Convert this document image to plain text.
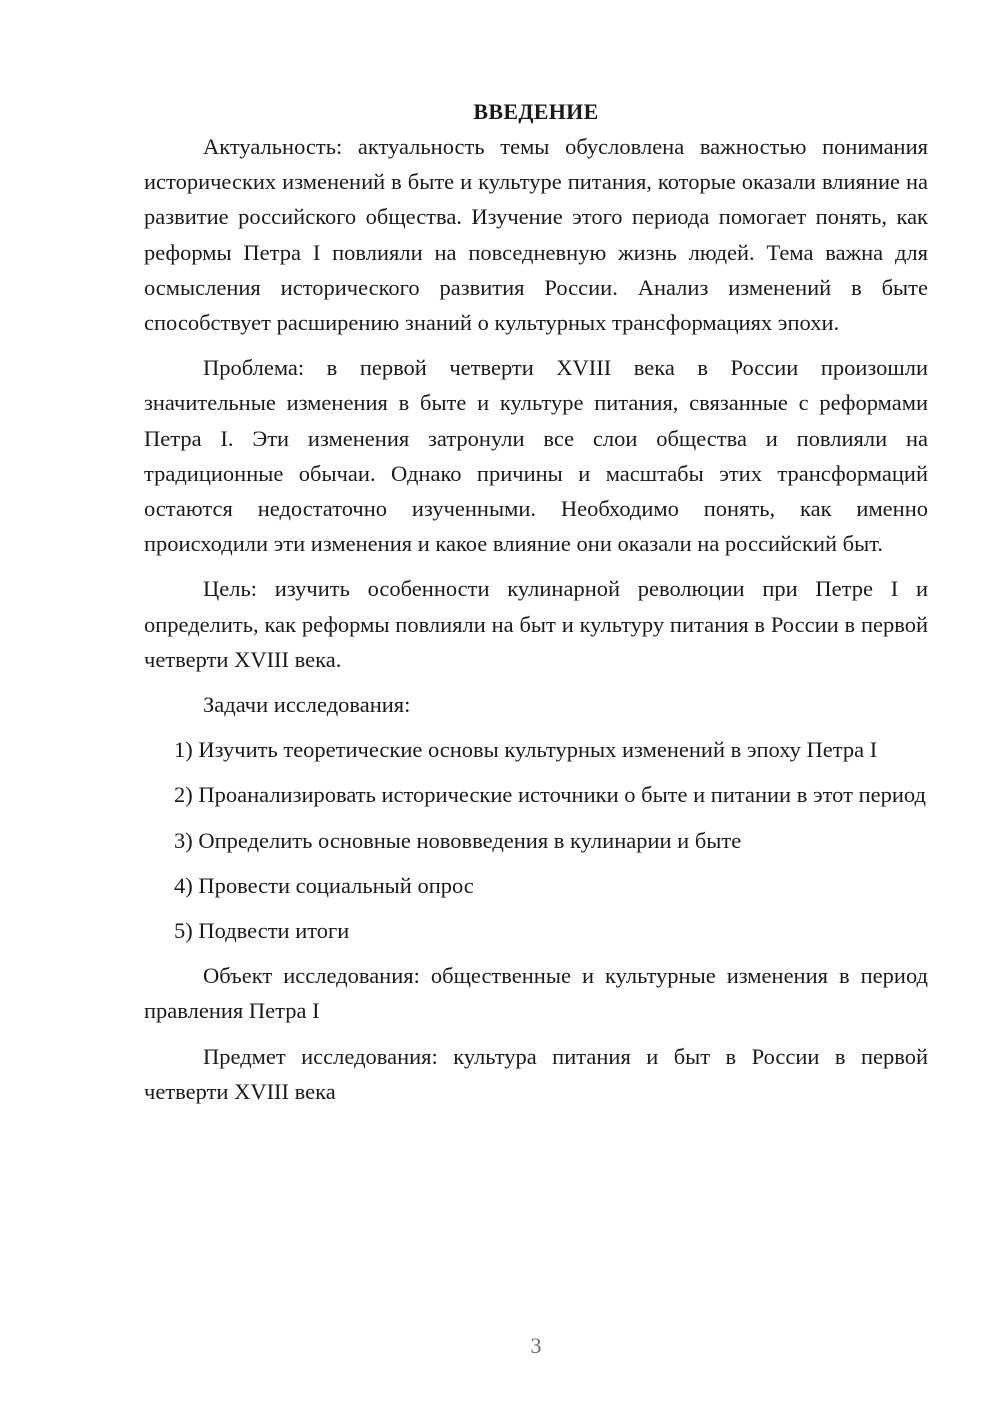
ВВЕДЕНИЕ

Актуальность: актуальность темы обусловлена важностью понимания исторических изменений в быте и культуре питания, которые оказали влияние на развитие российского общества. Изучение этого периода помогает понять, как реформы Петра I повлияли на повседневную жизнь людей. Тема важна для осмысления исторического развития России. Анализ изменений в быте способствует расширению знаний о культурных трансформациях эпохи.

Проблема: в первой четверти XVIII века в России произошли значительные изменения в быте и культуре питания, связанные с реформами Петра I. Эти изменения затронули все слои общества и повлияли на традиционные обычаи. Однако причины и масштабы этих трансформаций остаются недостаточно изученными. Необходимо понять, как именно происходили эти изменения и какое влияние они оказали на российский быт.

Цель: изучить особенности кулинарной революции при Петре I и определить, как реформы повлияли на быт и культуру питания в России в первой четверти XVIII века.

Задачи исследования:

1) Изучить теоретические основы культурных изменений в эпоху Петра I

2) Проанализировать исторические источники о быте и питании в этот период

3) Определить основные нововведения в кулинарии и быте

4) Провести социальный опрос

5) Подвести итоги

Объект исследования: общественные и культурные изменения в период правления Петра I

Предмет исследования: культура питания и быт в России в первой четверти XVIII века

3
